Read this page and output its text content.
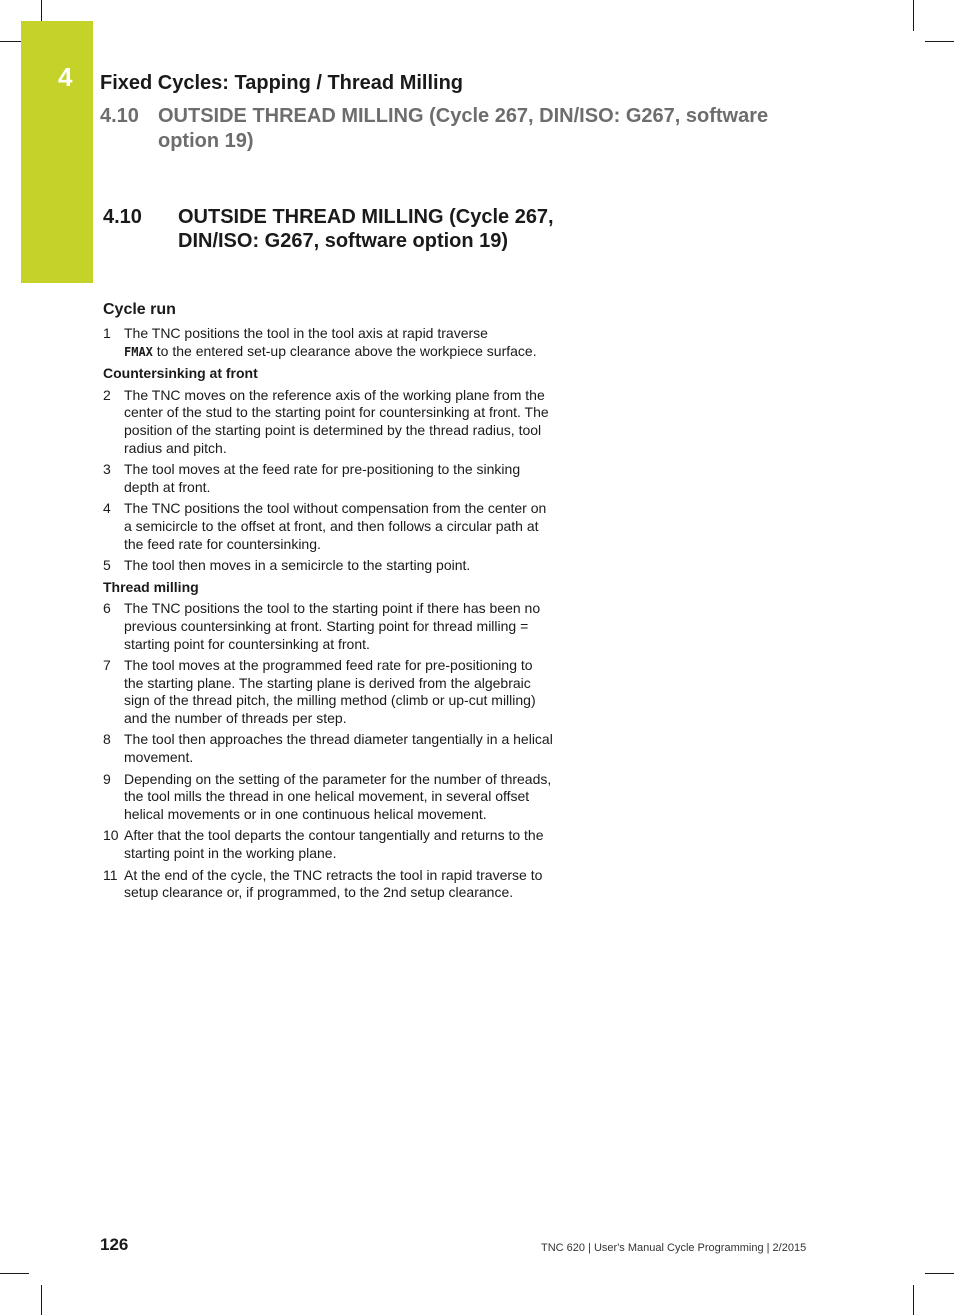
4 Fixed Cycles: Tapping / Thread Milling
4.10 OUTSIDE THREAD MILLING (Cycle 267, DIN/ISO: G267, software option 19)
4.10 OUTSIDE THREAD MILLING (Cycle 267, DIN/ISO: G267, software option 19)
Cycle run
1 The TNC positions the tool in the tool axis at rapid traverse
FMAX to the entered set-up clearance above the workpiece surface.
Countersinking at front
2 The TNC moves on the reference axis of the working plane from the center of the stud to the starting point for countersinking at front. The position of the starting point is determined by the thread radius, tool radius and pitch.
3 The tool moves at the feed rate for pre-positioning to the sinking depth at front.
4 The TNC positions the tool without compensation from the center on a semicircle to the offset at front, and then follows a circular path at the feed rate for countersinking.
5 The tool then moves in a semicircle to the starting point.
Thread milling
6 The TNC positions the tool to the starting point if there has been no previous countersinking at front. Starting point for thread milling = starting point for countersinking at front.
7 The tool moves at the programmed feed rate for pre-positioning to the starting plane. The starting plane is derived from the algebraic sign of the thread pitch, the milling method (climb or up-cut milling) and the number of threads per step.
8 The tool then approaches the thread diameter tangentially in a helical movement.
9 Depending on the setting of the parameter for the number of threads, the tool mills the thread in one helical movement, in several offset helical movements or in one continuous helical movement.
10 After that the tool departs the contour tangentially and returns to the starting point in the working plane.
11 At the end of the cycle, the TNC retracts the tool in rapid traverse to setup clearance or, if programmed, to the 2nd setup clearance.
126	TNC 620 | User's Manual Cycle Programming | 2/2015
